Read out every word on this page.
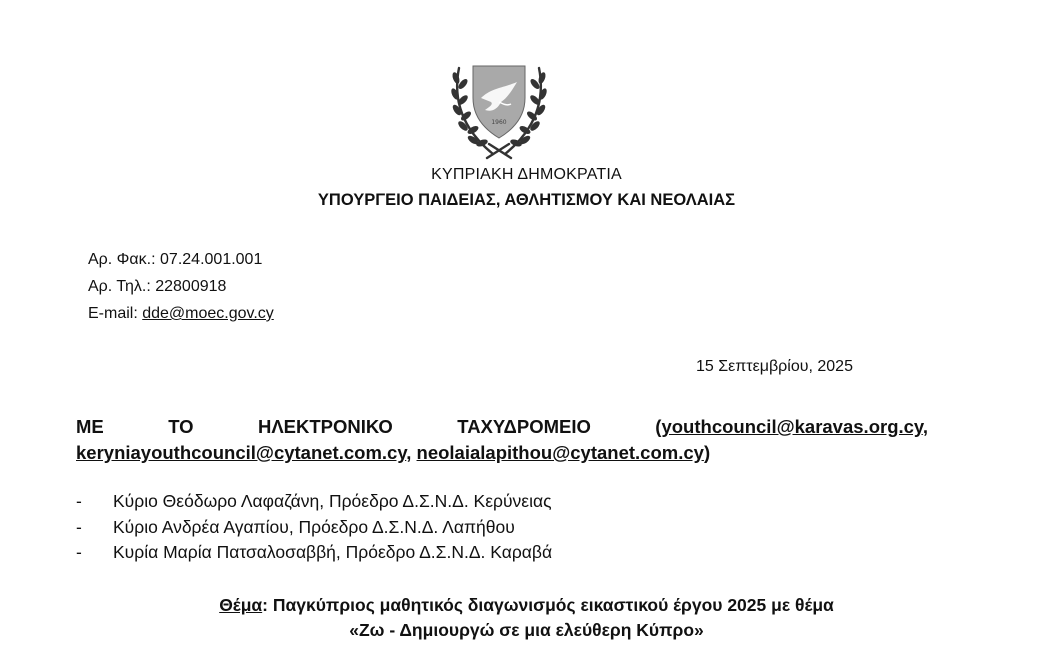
1960
ΚΥΠΡΙΑΚΗ ΔΗΜΟΚΡΑΤΙΑ
ΥΠΟΥΡΓΕΙΟ ΠΑΙΔΕΙΑΣ, ΑΘΛΗΤΙΣΜΟΥ ΚΑΙ ΝΕΟΛΑΙΑΣ
Αρ. Φακ.: 07.24.001.001
Αρ. Τηλ.: 22800918
E-mail: dde@moec.gov.cy
15 Σεπτεμβρίου, 2025
ΜΕ	ΤΟ	ΗΛΕΚΤΡΟΝΙΚΟ	ΤΑΧΥΔΡΟΜΕΙΟ	(youthcouncil@karavas.org.cy,
keryniayouthcouncil@cytanet.com.cy, neolaialapithou@cytanet.com.cy)
-	Κύριο Θεόδωρο Λαφαζάνη, Πρόεδρο Δ.Σ.Ν.Δ. Κερύνειας
-	Κύριο Ανδρέα Αγαπίου, Πρόεδρο Δ.Σ.Ν.Δ. Λαπήθου
-	Κυρία Μαρία Πατσαλοσαββή, Πρόεδρο Δ.Σ.Ν.Δ. Καραβά
Θέμα: Παγκύπριος μαθητικός διαγωνισμός εικαστικού έργου 2025 με θέμα
«Ζω - Δημιουργώ σε μια ελεύθερη Κύπρο»
